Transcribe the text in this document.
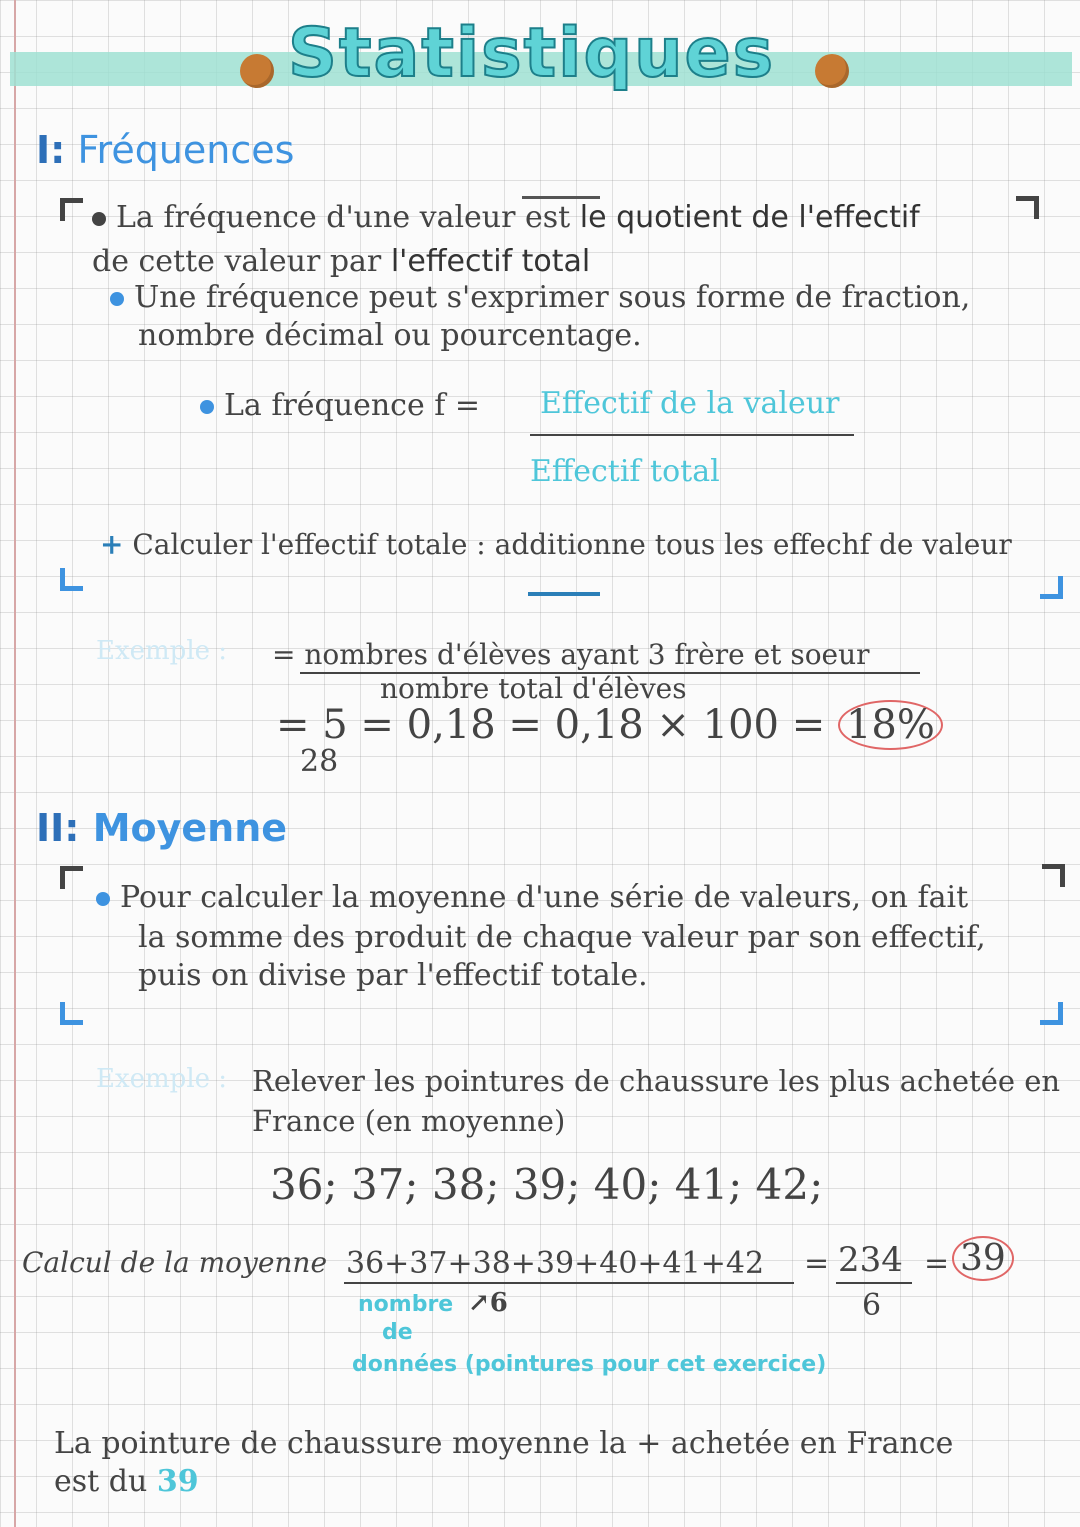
Statistiques
I: Fréquences
La fréquence d'une valeur est le quotient de l'effectif
de cette valeur par l'effectif total
Une fréquence peut s'exprimer sous forme de fraction,
nombre décimal ou pourcentage.
La fréquence f = Effectif de la valeur
Effectif total
+ Calculer l'effectif totale : additionne tous les effechf de valeur
Exemple : = nombres d'élèves ayant 3 frère et soeur
nombre total d'élèves
= 5 = 0,18 = 0,18 × 100 = 18%
28
II: Moyenne
Pour calculer la moyenne d'une série de valeurs, on fait
la somme des produit de chaque valeur par son effectif,
puis on divise par l'effectif totale.
Exemple : Relever les pointures de chaussure les plus achetée en
France (en moyenne)
36; 37; 38; 39; 40; 41; 42;
Calcul de la moyenne 36+37+38+39+40+41+42 = 234
6
= 39
nombre ↗6
de
données (pointures pour cet exercice)
La pointure de chaussure moyenne la + achetée en France
est du 39
